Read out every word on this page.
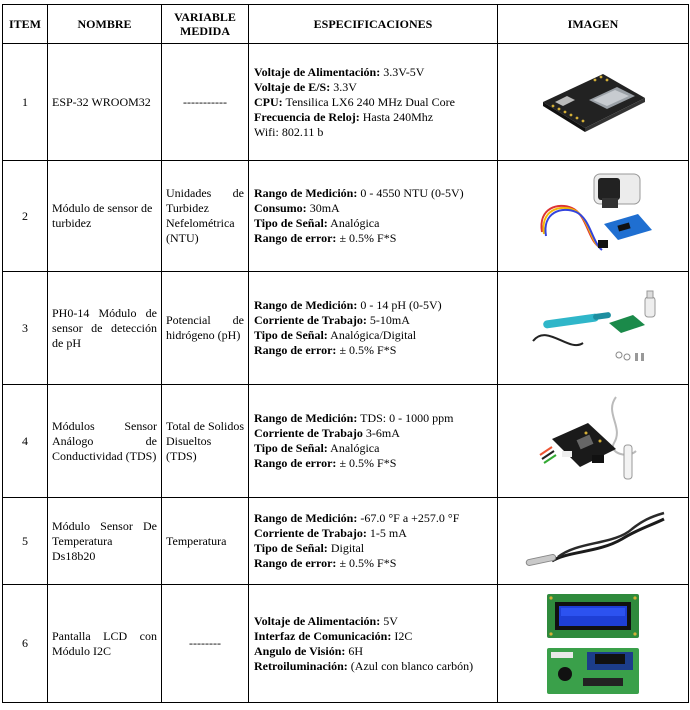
ITEM	NOMBRE	VARIABLE MEDIDA	ESPECIFICACIONES	IMAGEN
1	ESP-32 WROOM32	-----------	Voltaje de Alimentación: 3.3V-5V
Voltaje de E/S: 3.3V
CPU: Tensilica LX6 240 MHz Dual Core
Frecuencia de Reloj: Hasta 240Mhz
Wifi: 802.11 b

2	Módulo de sensor de turbidez	Unidades de Turbidez Nefelométrica (NTU)	Rango de Medición: 0 - 4550 NTU (0-5V)
Consumo: 30mA
Tipo de Señal: Analógica
Rango de error: ± 0.5% F*S

3	PH0-14 Módulo de sensor de detección de pH	Potencial de hidrógeno (pH)	Rango de Medición: 0 - 14 pH (0-5V)
Corriente de Trabajo: 5-10mA
Tipo de Señal: Analógica/Digital
Rango de error: ± 0.5% F*S

4	Módulos Sensor Análogo de Conductividad (TDS)	Total de Solidos Disueltos (TDS)	Rango de Medición: TDS: 0 - 1000 ppm
Corriente de Trabajo 3-6mA
Tipo de Señal: Analógica
Rango de error: ± 0.5% F*S

5	Módulo Sensor De Temperatura Ds18b20	Temperatura	Rango de Medición: -67.0 °F a +257.0 °F
Corriente de Trabajo: 1-5 mA
Tipo de Señal: Digital
Rango de error: ± 0.5% F*S

6	Pantalla LCD con Módulo I2C	--------	Voltaje de Alimentación: 5V
Interfaz de Comunicación: I2C
Angulo de Visión: 6H
Retroiluminación: (Azul con blanco carbón)
